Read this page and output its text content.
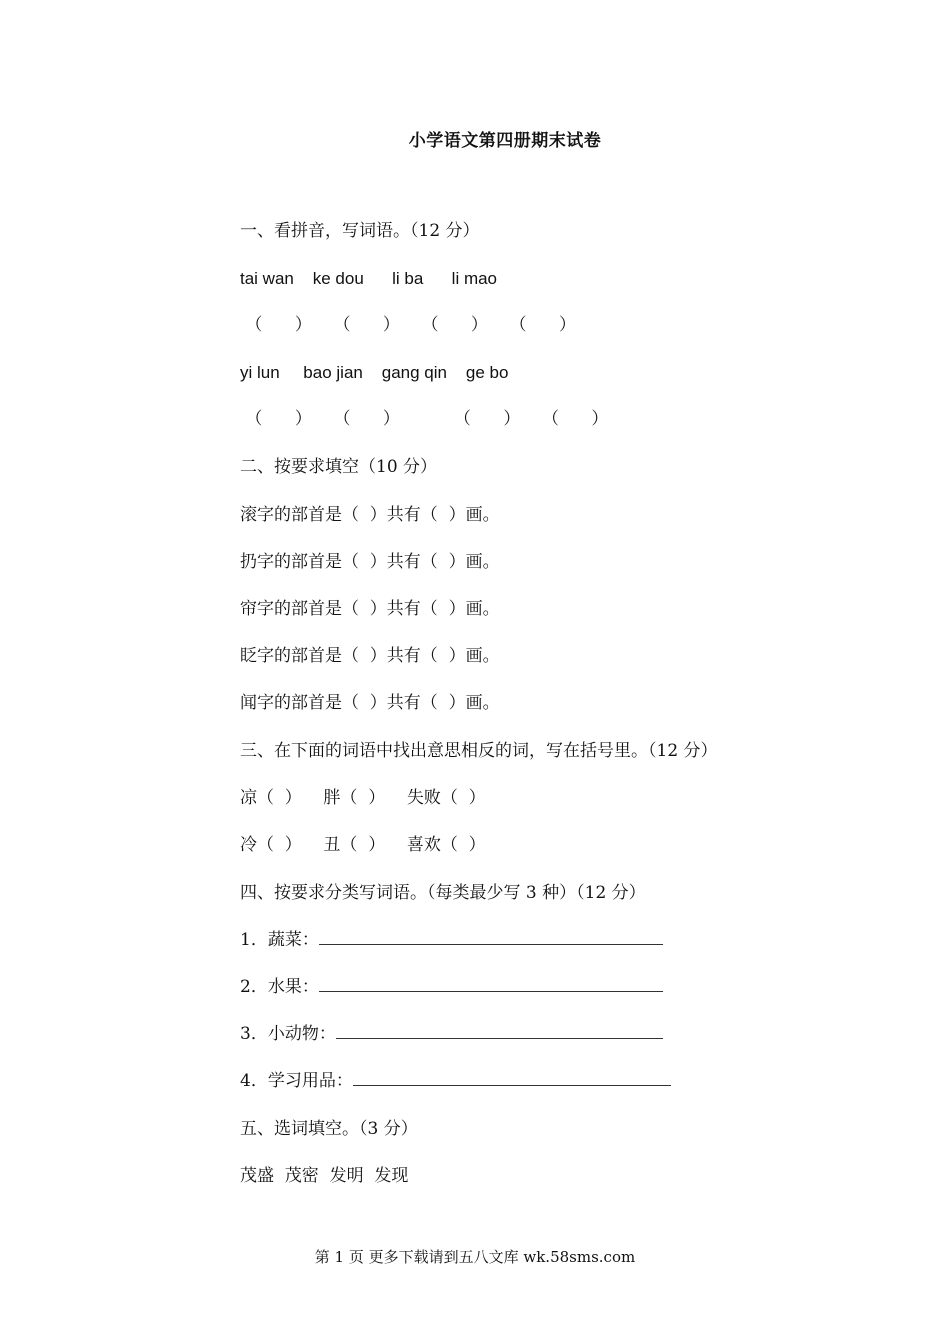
小学语文第四册期末试卷
一、看拼音，写词语。（12 分）
tai wan    ke dou      li ba      li mao
（      ）    （      ）    （      ）    （      ）
yi lun     bao jian    gang qin    ge bo
（      ）    （      ）          （      ）    （      ）
二、按要求填空（10 分）
滚字的部首是（  ）共有（  ）画。
扔字的部首是（  ）共有（  ）画。
帘字的部首是（  ）共有（  ）画。
眨字的部首是（  ）共有（  ）画。
闻字的部首是（  ）共有（  ）画。
三、在下面的词语中找出意思相反的词，写在括号里。（12 分）
凉（  ）    胖（  ）    失败（  ）
冷（  ）    丑（  ）    喜欢（  ）
四、按要求分类写词语。（每类最少写 3 种）（12 分）
1．蔬菜：
2．水果：
3．小动物：
4．学习用品：
五、选词填空。（3 分）
茂盛  茂密  发明  发现
第 1 页 更多下载请到五八文库 wk.58sms.com
